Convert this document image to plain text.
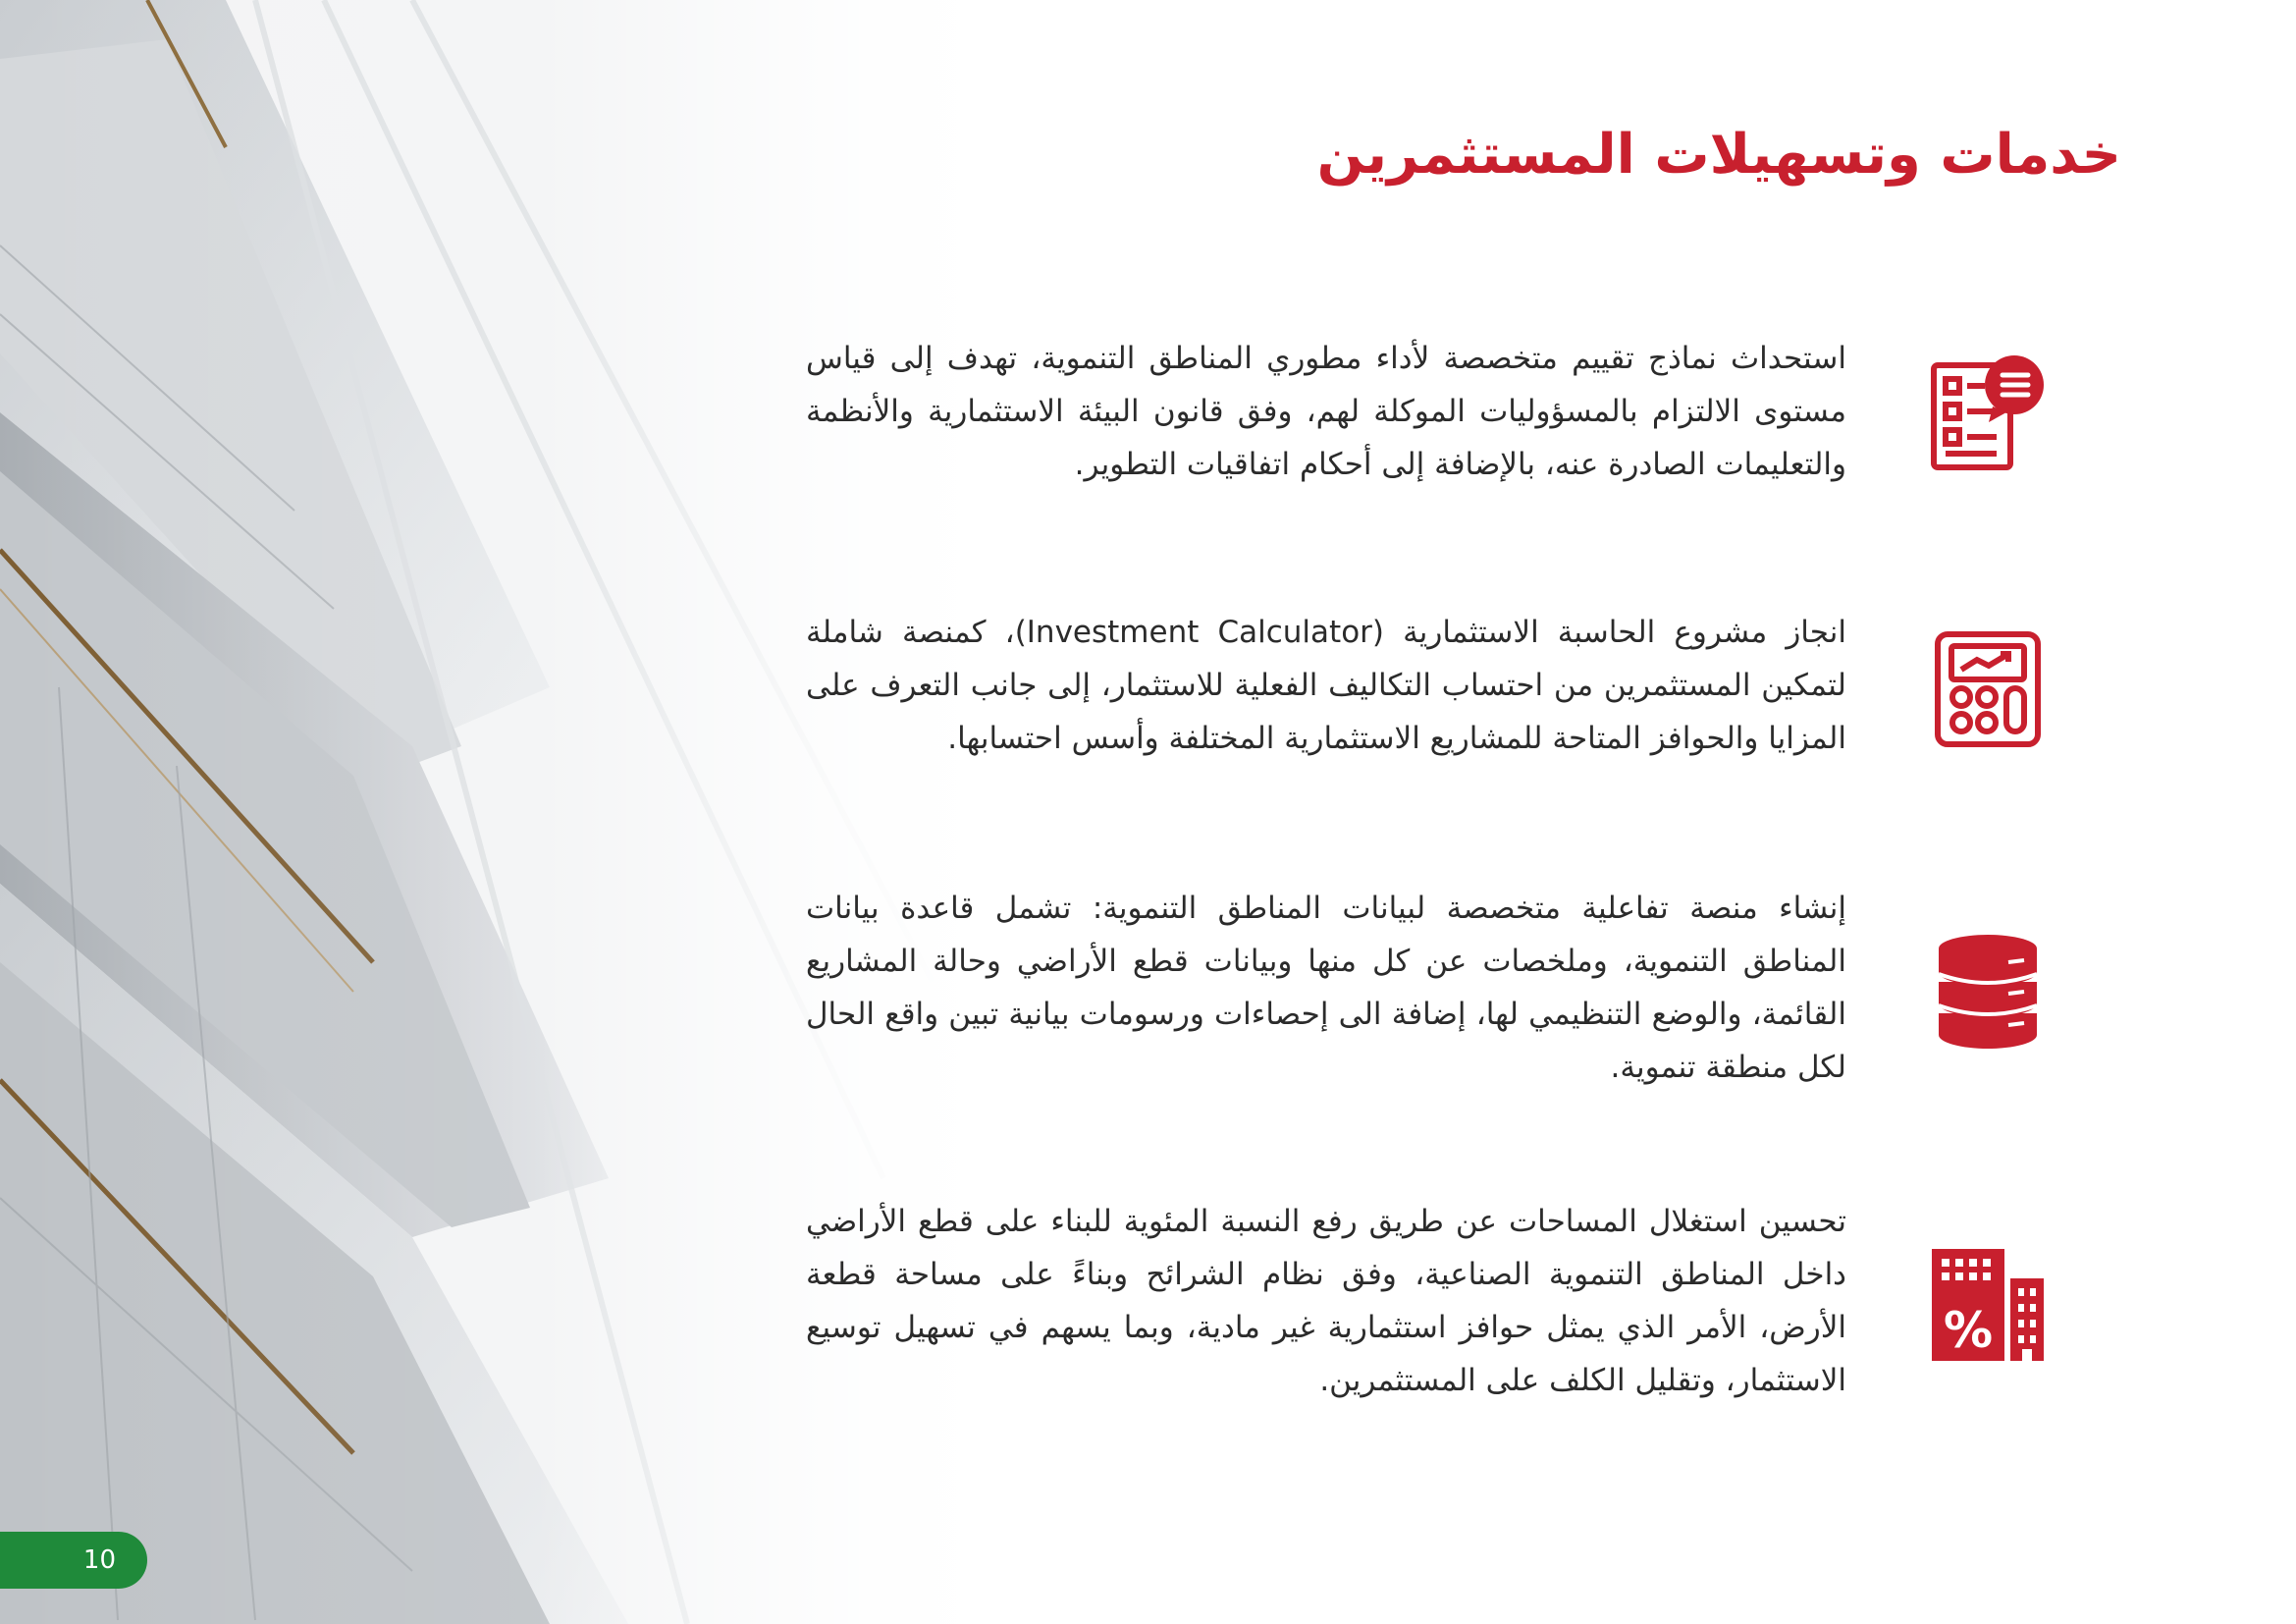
خدمات وتسهيلات المستثمرين

استحداث نماذج تقييم متخصصة لأداء مطوري المناطق التنموية، تهدف إلى قياس مستوى الالتزام بالمسؤوليات الموكلة لهم، وفق قانون البيئة الاستثمارية والأنظمة والتعليمات الصادرة عنه، بالإضافة إلى أحكام اتفاقيات التطوير.

انجاز مشروع الحاسبة الاستثمارية (Investment Calculator)، كمنصة شاملة لتمكين المستثمرين من احتساب التكاليف الفعلية للاستثمار، إلى جانب التعرف على المزايا والحوافز المتاحة للمشاريع الاستثمارية المختلفة وأسس احتسابها.

إنشاء منصة تفاعلية متخصصة لبيانات المناطق التنموية: تشمل قاعدة بيانات المناطق التنموية، وملخصات عن كل منها وبيانات قطع الأراضي وحالة المشاريع القائمة، والوضع التنظيمي لها، إضافة الى إحصاءات ورسومات بيانية تبين واقع الحال لكل منطقة تنموية.

تحسين استغلال المساحات عن طريق رفع النسبة المئوية للبناء على قطع الأراضي داخل المناطق التنموية الصناعية، وفق نظام الشرائح وبناءً على مساحة قطعة الأرض، الأمر الذي يمثل حوافز استثمارية غير مادية، وبما يسهم في تسهيل توسيع الاستثمار، وتقليل الكلف على المستثمرين.

%
10
